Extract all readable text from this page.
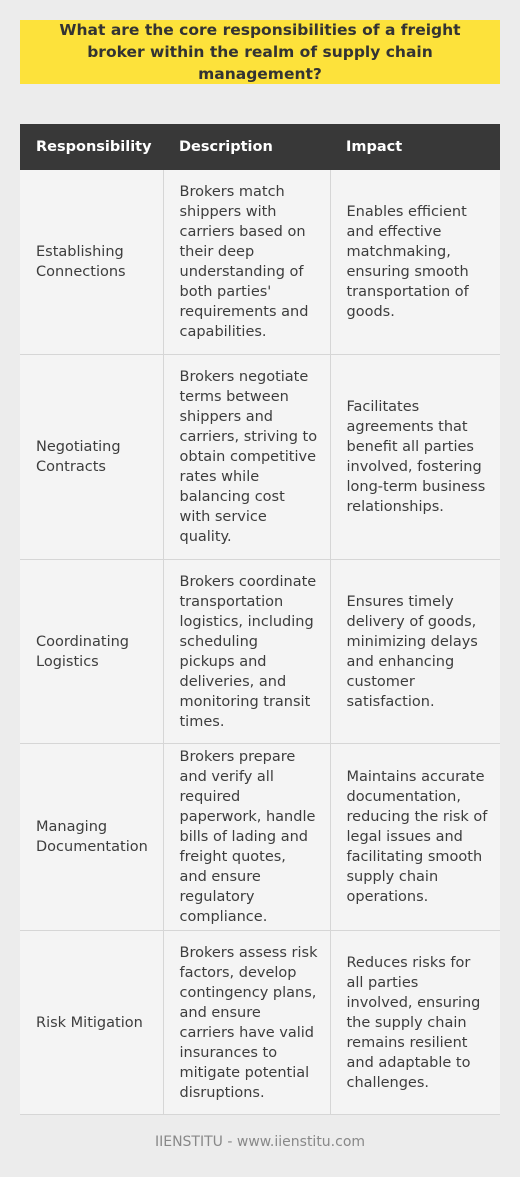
What are the core responsibilities of a freight broker within the realm of supply chain management?
Responsibility	Description	Impact
Establishing Connections	Brokers match shippers with carriers based on their deep understanding of both parties' requirements and capabilities.	Enables efficient and effective matchmaking, ensuring smooth transportation of goods.
Negotiating Contracts	Brokers negotiate terms between shippers and carriers, striving to obtain competitive rates while balancing cost with service quality.	Facilitates agreements that benefit all parties involved, fostering long-term business relationships.
Coordinating Logistics	Brokers coordinate transportation logistics, including scheduling pickups and deliveries, and monitoring transit times.	Ensures timely delivery of goods, minimizing delays and enhancing customer satisfaction.
Managing Documentation	Brokers prepare and verify all required paperwork, handle bills of lading and freight quotes, and ensure regulatory compliance.	Maintains accurate documentation, reducing the risk of legal issues and facilitating smooth supply chain operations.
Risk Mitigation	Brokers assess risk factors, develop contingency plans, and ensure carriers have valid insurances to mitigate potential disruptions.	Reduces risks for all parties involved, ensuring the supply chain remains resilient and adaptable to challenges.
IIENSTITU - www.iienstitu.com
